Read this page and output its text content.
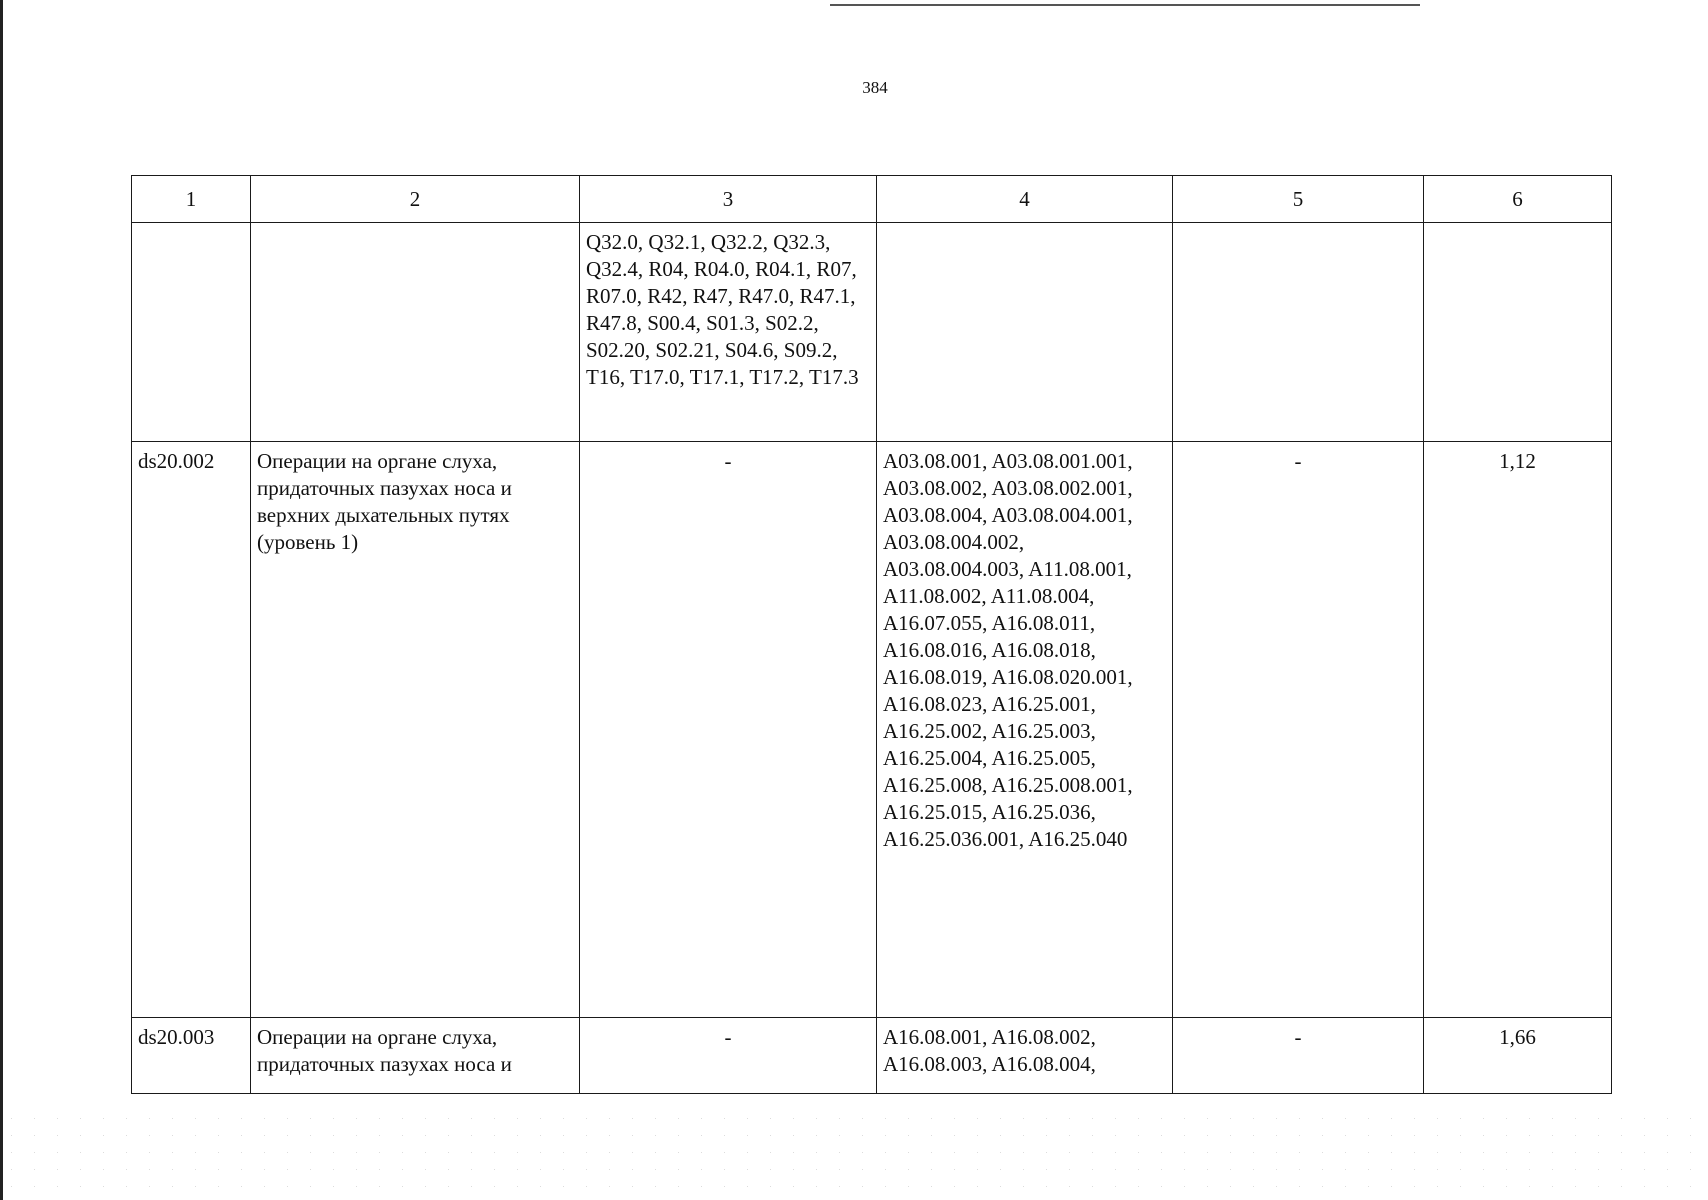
384
1	2	3	4	5	6
		Q32.0, Q32.1, Q32.2, Q32.3, Q32.4, R04, R04.0, R04.1, R07, R07.0, R42, R47, R47.0, R47.1, R47.8, S00.4, S01.3, S02.2, S02.20, S02.21, S04.6, S09.2, T16, T17.0, T17.1, T17.2, T17.3			
ds20.002	Операции на органе слуха, придаточных пазухах носа и верхних дыхательных путях (уровень 1)	-	A03.08.001, A03.08.001.001, A03.08.002, A03.08.002.001, A03.08.004, A03.08.004.001, A03.08.004.002, A03.08.004.003, A11.08.001, A11.08.002, A11.08.004, A16.07.055, A16.08.011, A16.08.016, A16.08.018, A16.08.019, A16.08.020.001, A16.08.023, A16.25.001, A16.25.002, A16.25.003, A16.25.004, A16.25.005, A16.25.008, A16.25.008.001, A16.25.015, A16.25.036, A16.25.036.001, A16.25.040	-	1,12
ds20.003	Операции на органе слуха, придаточных пазухах носа и	-	A16.08.001, A16.08.002, A16.08.003, A16.08.004,	-	1,66
